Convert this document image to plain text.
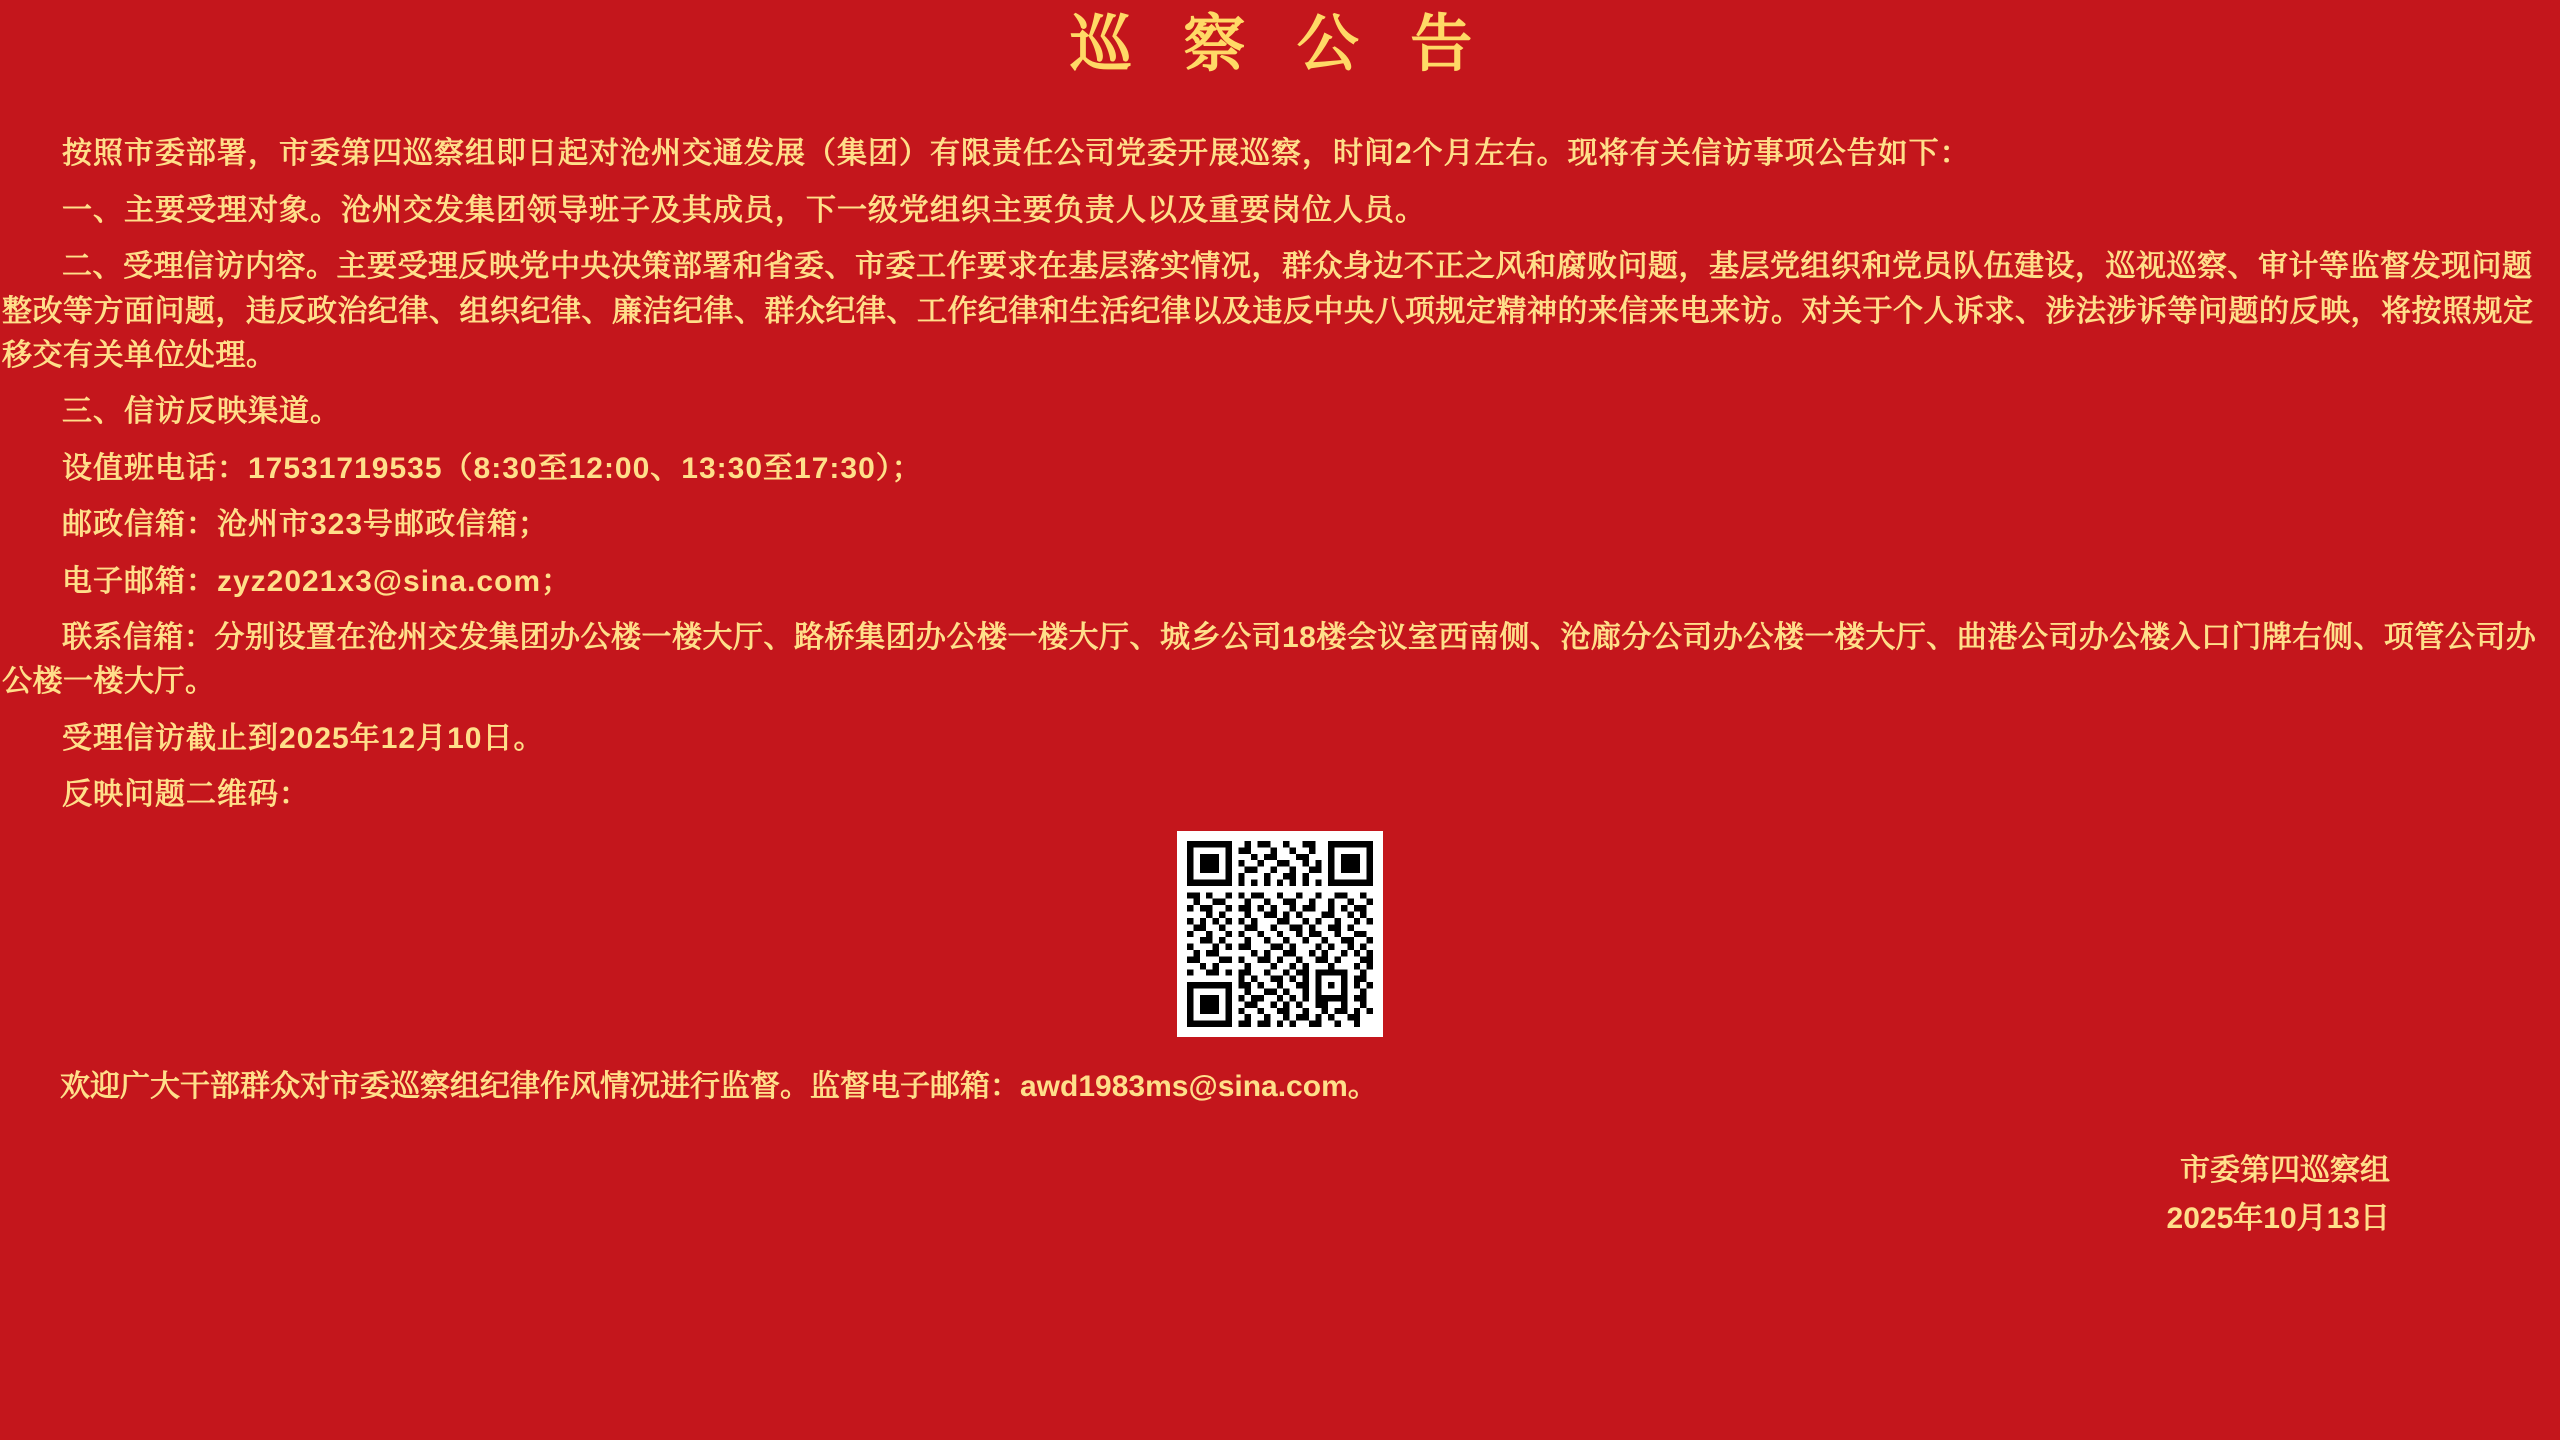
巡 察 公 告

按照市委部署，市委第四巡察组即日起对沧州交通发展（集团）有限责任公司党委开展巡察，时间2个月左右。现将有关信访事项公告如下：

一、主要受理对象。沧州交发集团领导班子及其成员，下一级党组织主要负责人以及重要岗位人员。

二、受理信访内容。主要受理反映党中央决策部署和省委、市委工作要求在基层落实情况，群众身边不正之风和腐败问题，基层党组织和党员队伍建设，巡视巡察、审计等监督发现问题整改等方面问题，违反政治纪律、组织纪律、廉洁纪律、群众纪律、工作纪律和生活纪律以及违反中央八项规定精神的来信来电来访。对关于个人诉求、涉法涉诉等问题的反映，将按照规定移交有关单位处理。

三、信访反映渠道。

设值班电话：17531719535（8:30至12:00、13:30至17:30）；

邮政信箱：沧州市323号邮政信箱；

电子邮箱：zyz2021x3@sina.com；

联系信箱：分别设置在沧州交发集团办公楼一楼大厅、路桥集团办公楼一楼大厅、城乡公司18楼会议室西南侧、沧廊分公司办公楼一楼大厅、曲港公司办公楼入口门牌右侧、项管公司办公楼一楼大厅。

受理信访截止到2025年12月10日。

反映问题二维码：

欢迎广大干部群众对市委巡察组纪律作风情况进行监督。监督电子邮箱：awd1983ms@sina.com。
市委第四巡察组
2025年10月13日
